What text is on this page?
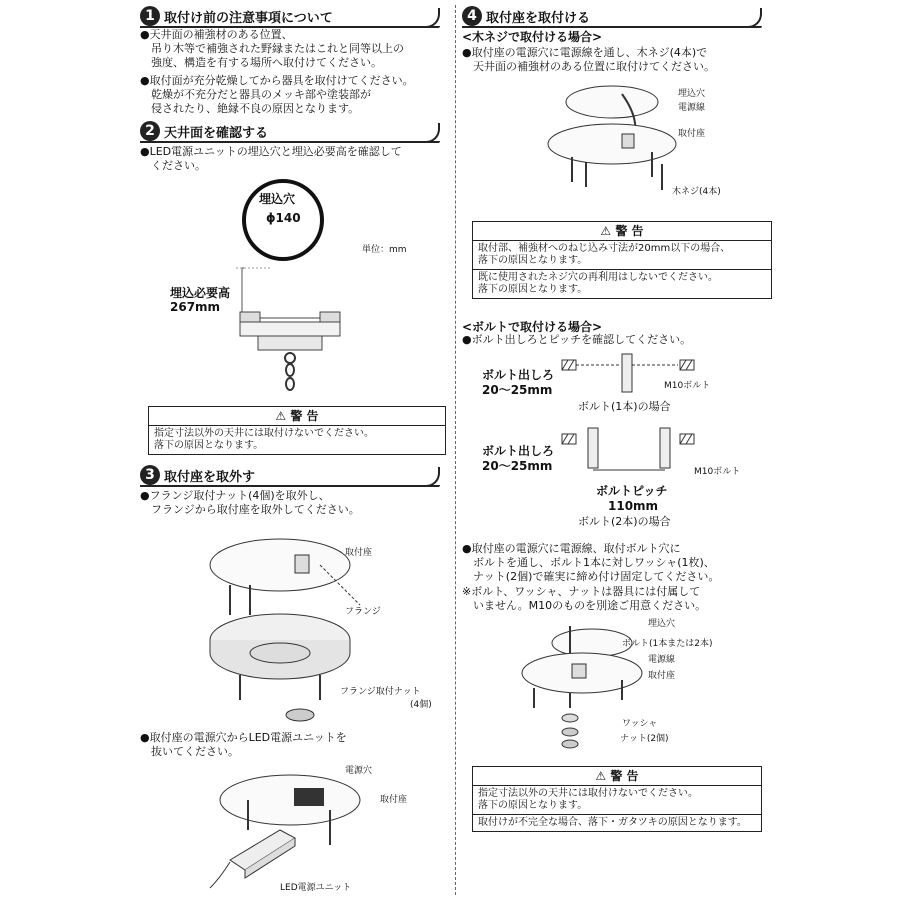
1 取付け前の注意事項について
●天井面の補強材のある位置、
　吊り木等で補強された野縁またはこれと同等以上の
　強度、構造を有する場所へ取付けてください。
●取付面が充分乾燥してから器具を取付けてください。
　乾燥が不充分だと器具のメッキ部や塗装部が
　侵されたり、絶縁不良の原因となります。
2 天井面を確認する
●LED電源ユニットの埋込穴と埋込必要高を確認して
　ください。
埋込穴
ϕ140
単位：mm
埋込必要高
267mm
⚠ 警 告
指定寸法以外の天井には取付けないでください。
落下の原因となります。
3 取付座を取外す
●フランジ取付ナット(4個)を取外し、
　フランジから取付座を取外してください。
取付座
フランジ
フランジ取付ナット
(4個)
●取付座の電源穴からLED電源ユニットを
　抜いてください。
電源穴
取付座
LED電源ユニット
4 取付座を取付ける
<木ネジで取付ける場合>
●取付座の電源穴に電源線を通し、木ネジ(4本)で
　天井面の補強材のある位置に取付けてください。
埋込穴
電源線
取付座
木ネジ(4本)
⚠ 警 告
取付部、補強材へのねじ込み寸法が20mm以下の場合、
落下の原因となります。
既に使用されたネジ穴の再利用はしないでください。
落下の原因となります。
<ボルトで取付ける場合>
●ボルト出しろとピッチを確認してください。
ボルト出しろ
20〜25mm	M10ボルト
ボルト(1本)の場合
ボルト出しろ
20〜25mm	M10ボルト
ボルトピッチ
110mm
ボルト(2本)の場合
●取付座の電源穴に電源線、取付ボルト穴に
　ボルトを通し、ボルト1本に対しワッシャ(1枚)、
　ナット(2個)で確実に締め付け固定してください。
※ボルト、ワッシャ、ナットは器具には付属して
　いません。M10のものを別途ご用意ください。
埋込穴
ボルト(1本または2本)
電源線
取付座
ワッシャ
ナット(2個)
⚠ 警 告
指定寸法以外の天井には取付けないでください。
落下の原因となります。
取付けが不完全な場合、落下・ガタツキの原因となります。
